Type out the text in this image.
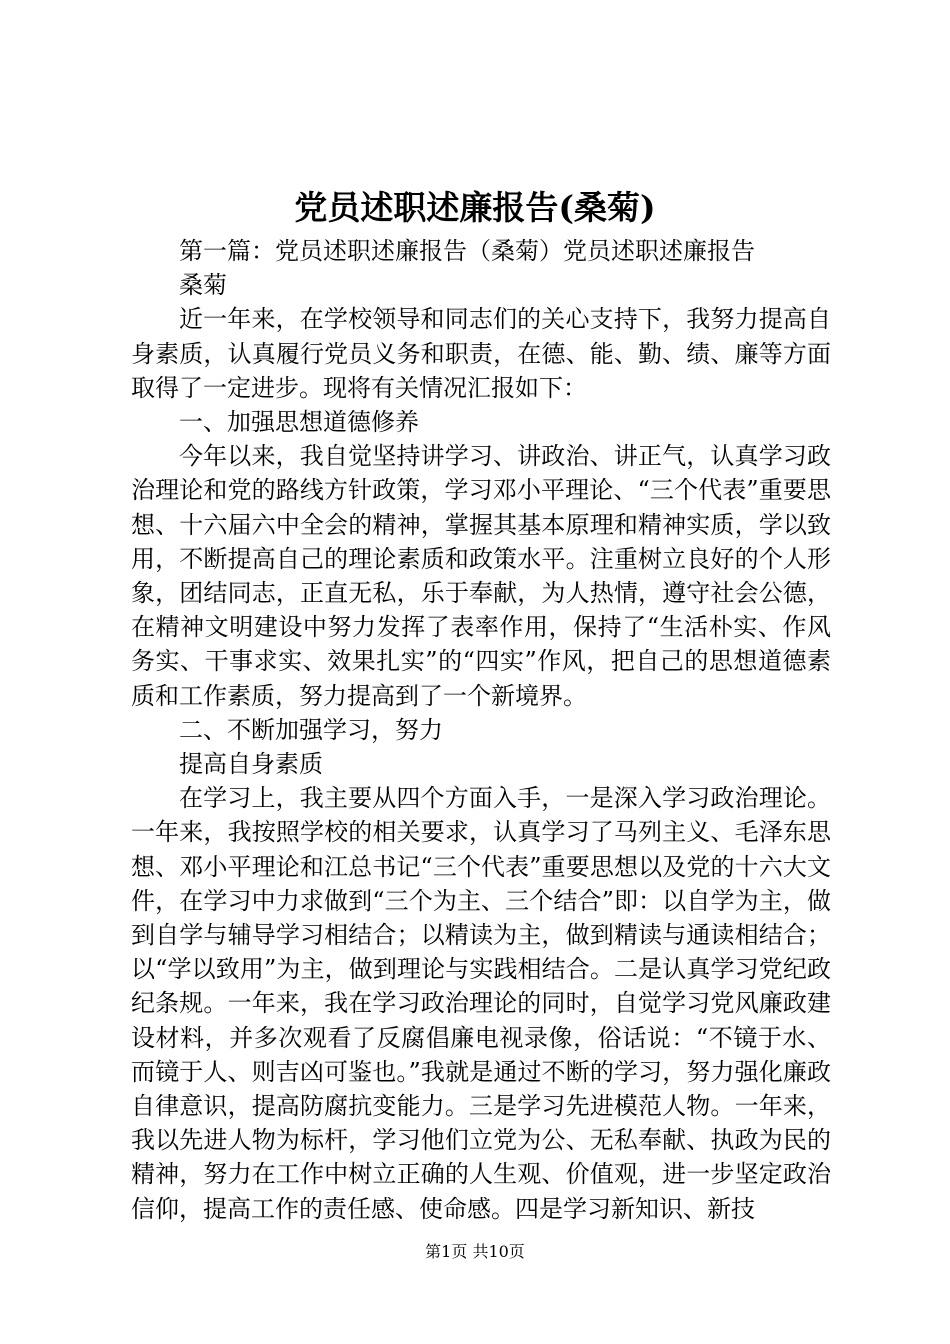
党员述职述廉报告(桑菊)

第一篇：党员述职述廉报告（桑菊）党员述职述廉报告

桑菊

近一年来，在学校领导和同志们的关心支持下，我努力提高自身素质，认真履行党员义务和职责，在德、能、勤、绩、廉等方面取得了一定进步。现将有关情况汇报如下：

一、加强思想道德修养

今年以来，我自觉坚持讲学习、讲政治、讲正气，认真学习政治理论和党的路线方针政策，学习邓小平理论、“三个代表”重要思想、十六届六中全会的精神，掌握其基本原理和精神实质，学以致用，不断提高自己的理论素质和政策水平。注重树立良好的个人形象，团结同志，正直无私，乐于奉献，为人热情，遵守社会公德，在精神文明建设中努力发挥了表率作用，保持了“生活朴实、作风务实、干事求实、效果扎实”的“四实”作风，把自己的思想道德素质和工作素质，努力提高到了一个新境界。

二、不断加强学习，努力

提高自身素质

在学习上，我主要从四个方面入手，一是深入学习政治理论。一年来，我按照学校的相关要求，认真学习了马列主义、毛泽东思想、邓小平理论和江总书记“三个代表”重要思想以及党的十六大文件，在学习中力求做到“三个为主、三个结合”即：以自学为主，做到自学与辅导学习相结合；以精读为主，做到精读与通读相结合；以“学以致用”为主，做到理论与实践相结合。二是认真学习党纪政纪条规。一年来，我在学习政治理论的同时，自觉学习党风廉政建设材料，并多次观看了反腐倡廉电视录像，俗话说：“不镜于水、而镜于人、则吉凶可鉴也。”我就是通过不断的学习，努力强化廉政自律意识，提高防腐抗变能力。三是学习先进模范人物。一年来，我以先进人物为标杆，学习他们立党为公、无私奉献、执政为民的精神，努力在工作中树立正确的人生观、价值观，进一步坚定政治信仰，提高工作的责任感、使命感。四是学习新知识、新技

第1页 共10页
